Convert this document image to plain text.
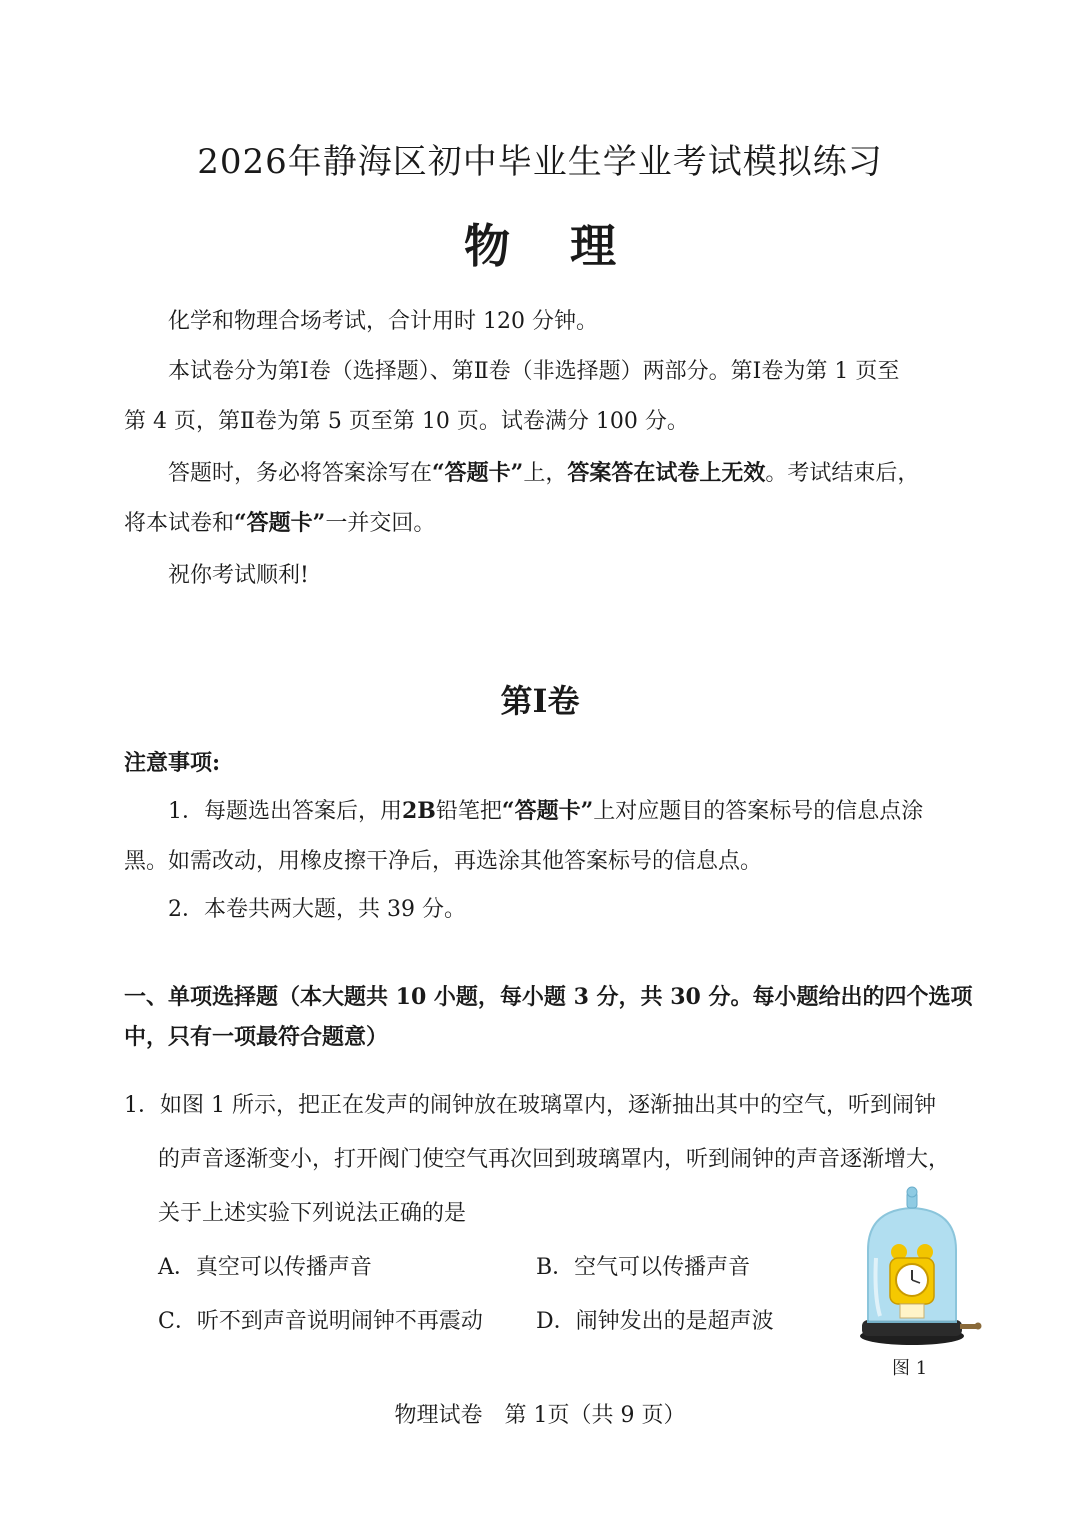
2026年静海区初中毕业生学业考试模拟练习
物理
化学和物理合场考试，合计用时 120 分钟。
本试卷分为第Ⅰ卷（选择题）、第Ⅱ卷（非选择题）两部分。第Ⅰ卷为第 1 页至
第 4 页，第Ⅱ卷为第 5 页至第 10 页。试卷满分 100 分。
答题时，务必将答案涂写在“答题卡”上，答案答在试卷上无效。考试结束后，
将本试卷和“答题卡”一并交回。
祝你考试顺利!
第Ⅰ卷
注意事项:
1．每题选出答案后，用2B铅笔把“答题卡”上对应题目的答案标号的信息点涂
黑。如需改动，用橡皮擦干净后，再选涂其他答案标号的信息点。
2．本卷共两大题，共 39 分。
一、单项选择题（本大题共 10 小题，每小题 3 分，共 30 分。每小题给出的四个选项
中，只有一项最符合题意）
1．如图 1 所示，把正在发声的闹钟放在玻璃罩内，逐渐抽出其中的空气，听到闹钟
的声音逐渐变小，打开阀门使空气再次回到玻璃罩内，听到闹钟的声音逐渐增大，
关于上述实验下列说法正确的是
A．真空可以传播声音	B．空气可以传播声音
C．听不到声音说明闹钟不再震动 D．闹钟发出的是超声波
图 1
物理试卷　第 1页（共 9 页）
